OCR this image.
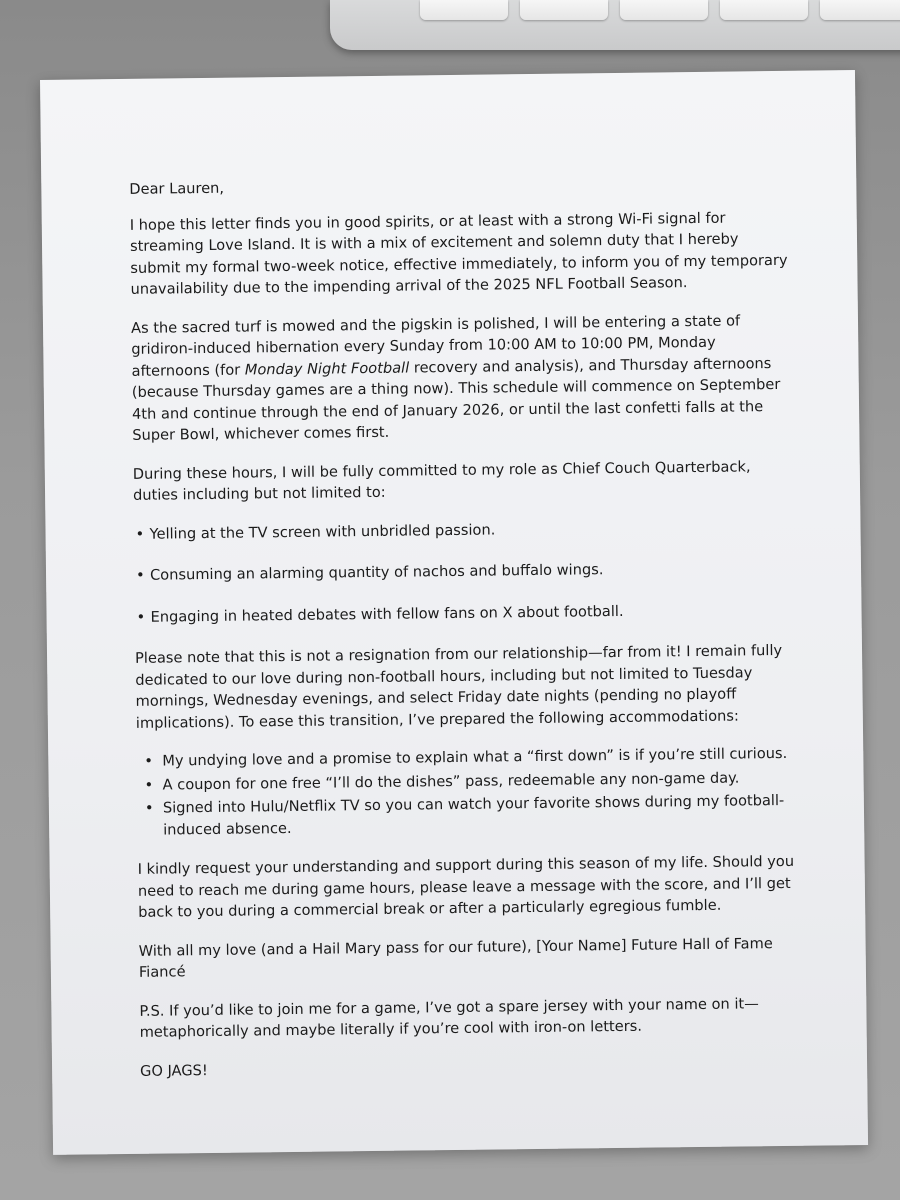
Dear Lauren,

I hope this letter finds you in good spirits, or at least with a strong Wi-Fi signal for streaming Love Island. It is with a mix of excitement and solemn duty that I hereby submit my formal two-week notice, effective immediately, to inform you of my temporary unavailability due to the impending arrival of the 2025 NFL Football Season.

As the sacred turf is mowed and the pigskin is polished, I will be entering a state of gridiron-induced hibernation every Sunday from 10:00 AM to 10:00 PM, Monday afternoons (for Monday Night Football recovery and analysis), and Thursday afternoons (because Thursday games are a thing now). This schedule will commence on September 4th and continue through the end of January 2026, or until the last confetti falls at the Super Bowl, whichever comes first.

During these hours, I will be fully committed to my role as Chief Couch Quarterback, duties including but not limited to:

• Yelling at the TV screen with unbridled passion.
• Consuming an alarming quantity of nachos and buffalo wings.
• Engaging in heated debates with fellow fans on X about football.

Please note that this is not a resignation from our relationship—far from it! I remain fully dedicated to our love during non-football hours, including but not limited to Tuesday mornings, Wednesday evenings, and select Friday date nights (pending no playoff implications). To ease this transition, I’ve prepared the following accommodations:

• My undying love and a promise to explain what a “first down” is if you’re still curious.
• A coupon for one free “I’ll do the dishes” pass, redeemable any non-game day.
• Signed into Hulu/Netflix TV so you can watch your favorite shows during my football-induced absence.

I kindly request your understanding and support during this season of my life. Should you need to reach me during game hours, please leave a message with the score, and I’ll get back to you during a commercial break or after a particularly egregious fumble.

With all my love (and a Hail Mary pass for our future), [Your Name] Future Hall of Fame Fiancé

P.S. If you’d like to join me for a game, I’ve got a spare jersey with your name on it—metaphorically and maybe literally if you’re cool with iron-on letters.

GO JAGS!
